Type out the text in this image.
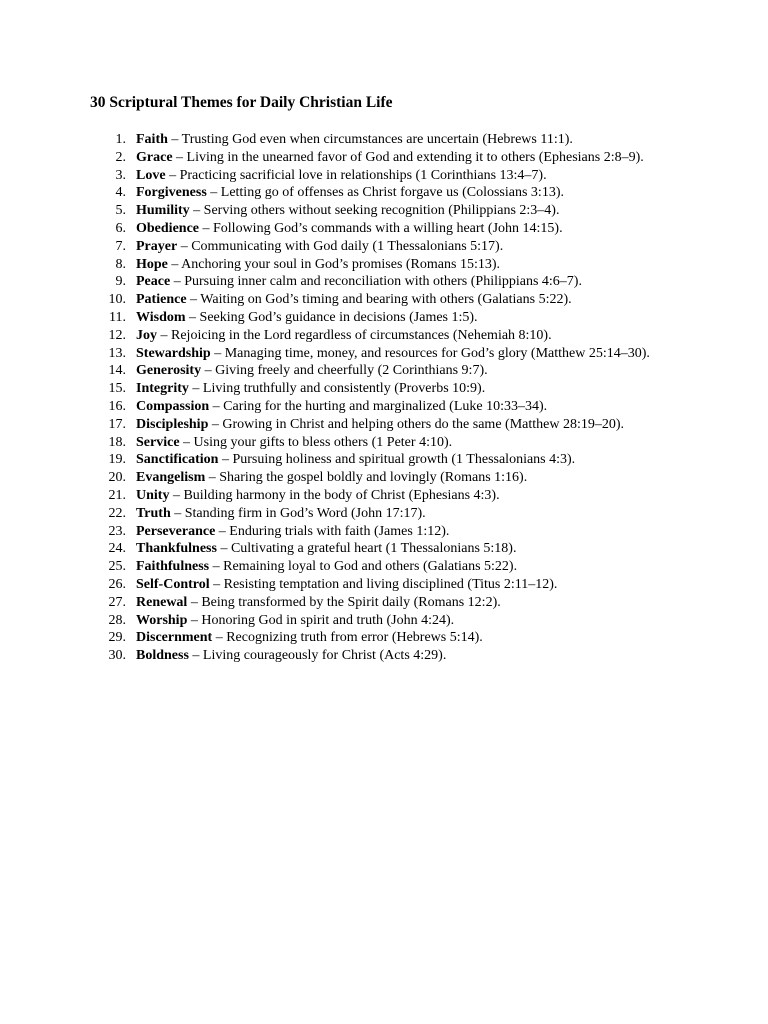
30 Scriptural Themes for Daily Christian Life
1. Faith – Trusting God even when circumstances are uncertain (Hebrews 11:1).
2. Grace – Living in the unearned favor of God and extending it to others (Ephesians 2:8–9).
3. Love – Practicing sacrificial love in relationships (1 Corinthians 13:4–7).
4. Forgiveness – Letting go of offenses as Christ forgave us (Colossians 3:13).
5. Humility – Serving others without seeking recognition (Philippians 2:3–4).
6. Obedience – Following God’s commands with a willing heart (John 14:15).
7. Prayer – Communicating with God daily (1 Thessalonians 5:17).
8. Hope – Anchoring your soul in God’s promises (Romans 15:13).
9. Peace – Pursuing inner calm and reconciliation with others (Philippians 4:6–7).
10. Patience – Waiting on God’s timing and bearing with others (Galatians 5:22).
11. Wisdom – Seeking God’s guidance in decisions (James 1:5).
12. Joy – Rejoicing in the Lord regardless of circumstances (Nehemiah 8:10).
13. Stewardship – Managing time, money, and resources for God’s glory (Matthew 25:14–30).
14. Generosity – Giving freely and cheerfully (2 Corinthians 9:7).
15. Integrity – Living truthfully and consistently (Proverbs 10:9).
16. Compassion – Caring for the hurting and marginalized (Luke 10:33–34).
17. Discipleship – Growing in Christ and helping others do the same (Matthew 28:19–20).
18. Service – Using your gifts to bless others (1 Peter 4:10).
19. Sanctification – Pursuing holiness and spiritual growth (1 Thessalonians 4:3).
20. Evangelism – Sharing the gospel boldly and lovingly (Romans 1:16).
21. Unity – Building harmony in the body of Christ (Ephesians 4:3).
22. Truth – Standing firm in God’s Word (John 17:17).
23. Perseverance – Enduring trials with faith (James 1:12).
24. Thankfulness – Cultivating a grateful heart (1 Thessalonians 5:18).
25. Faithfulness – Remaining loyal to God and others (Galatians 5:22).
26. Self-Control – Resisting temptation and living disciplined (Titus 2:11–12).
27. Renewal – Being transformed by the Spirit daily (Romans 12:2).
28. Worship – Honoring God in spirit and truth (John 4:24).
29. Discernment – Recognizing truth from error (Hebrews 5:14).
30. Boldness – Living courageously for Christ (Acts 4:29).
